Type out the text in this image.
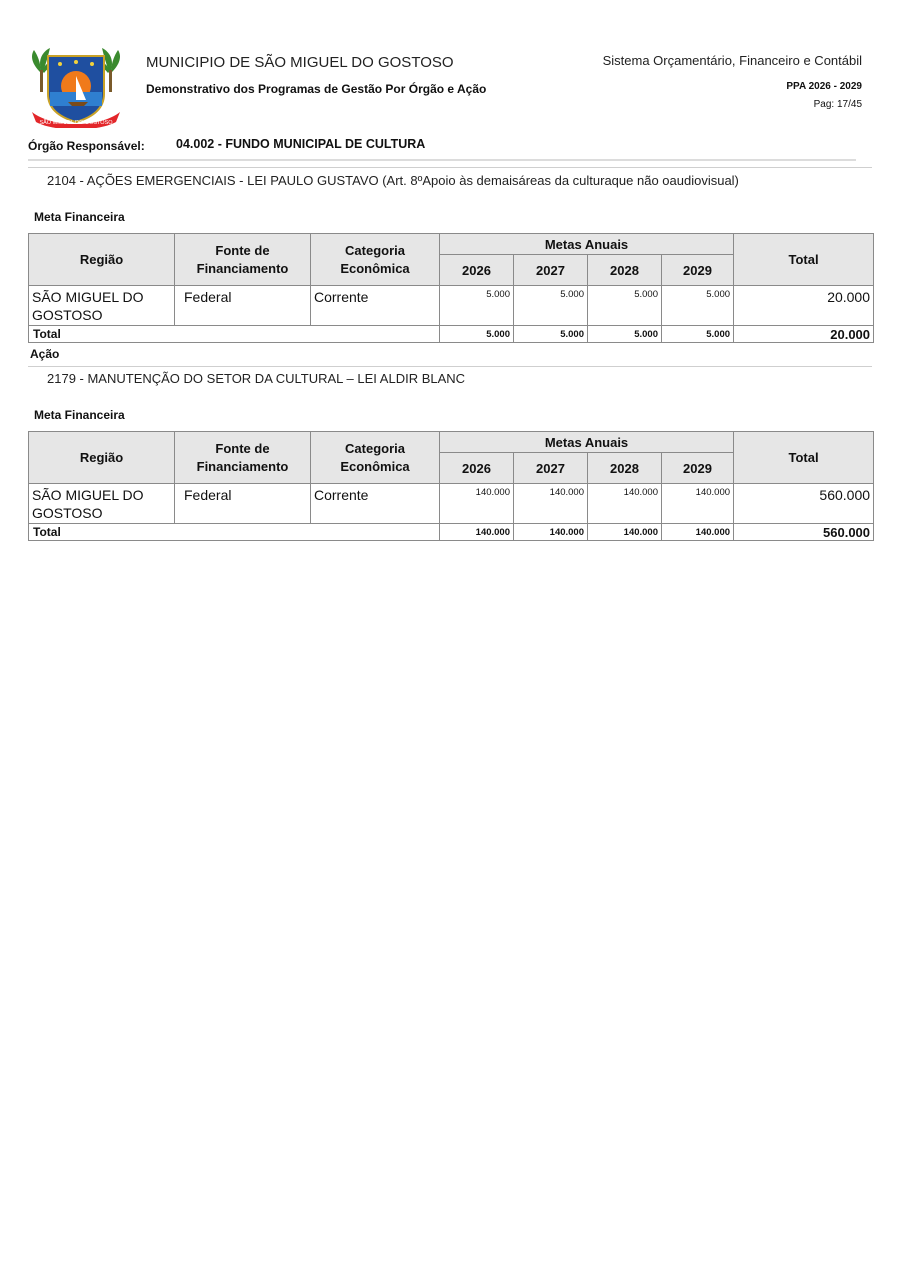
SÃO MIGUEL DO GOSTOSO
MUNICIPIO DE SÃO MIGUEL DO GOSTOSO
Demonstrativo dos Programas de Gestão Por Órgão e Ação
Sistema Orçamentário, Financeiro e Contábil
PPA 2026 - 2029
Pag: 17/45
Órgão Responsável:	04.002 - FUNDO MUNICIPAL DE CULTURA
2104 - AÇÕES EMERGENCIAIS - LEI PAULO GUSTAVO (Art. 8ºApoio às demaisáreas da culturaque não oaudiovisual)
Meta Financeira
Região	Fonte de Financiamento	Categoria Econômica	Metas Anuais				Total
			2026	2027	2028	2029	
SÃO MIGUEL DO GOSTOSO	Federal	Corrente	5.000	5.000	5.000	5.000	20.000
Total			5.000	5.000	5.000	5.000	20.000
Ação
2179 - MANUTENÇÃO DO SETOR DA CULTURAL – LEI ALDIR BLANC
Meta Financeira
Região	Fonte de Financiamento	Categoria Econômica	Metas Anuais				Total
			2026	2027	2028	2029	
SÃO MIGUEL DO GOSTOSO	Federal	Corrente	140.000	140.000	140.000	140.000	560.000
Total			140.000	140.000	140.000	140.000	560.000
